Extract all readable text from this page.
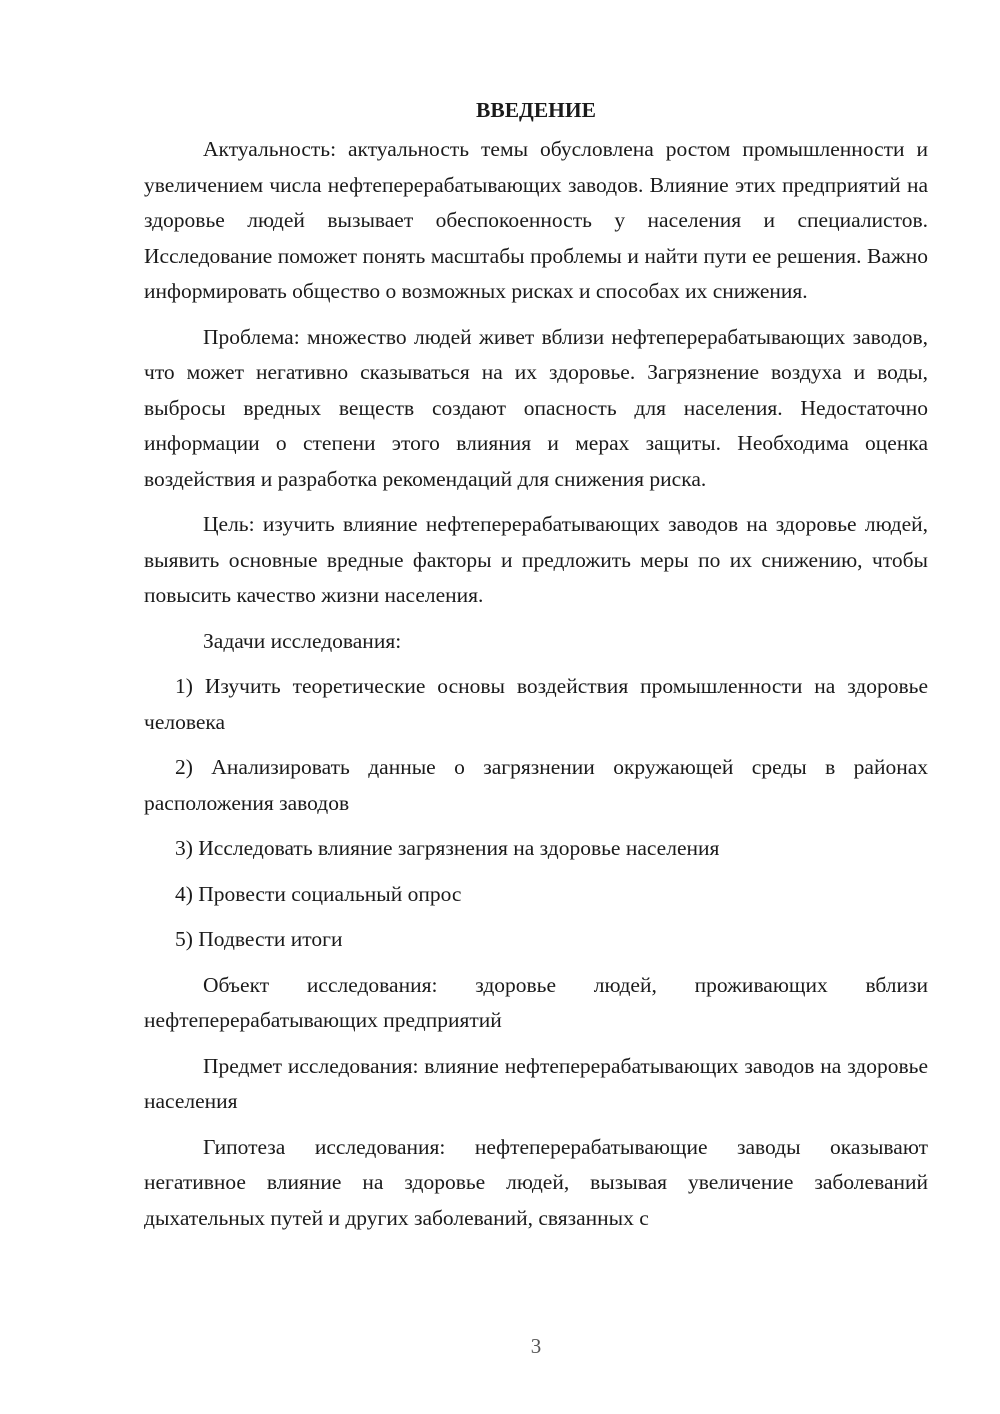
ВВЕДЕНИЕ

Актуальность: актуальность темы обусловлена ростом промышленности и увеличением числа нефтеперерабатывающих заводов. Влияние этих предприятий на здоровье людей вызывает обеспокоенность у населения и специалистов. Исследование поможет понять масштабы проблемы и найти пути ее решения. Важно информировать общество о возможных рисках и способах их снижения.

Проблема: множество людей живет вблизи нефтеперерабатывающих заводов, что может негативно сказываться на их здоровье. Загрязнение воздуха и воды, выбросы вредных веществ создают опасность для населения. Недостаточно информации о степени этого влияния и мерах защиты. Необходима оценка воздействия и разработка рекомендаций для снижения риска.

Цель: изучить влияние нефтеперерабатывающих заводов на здоровье людей, выявить основные вредные факторы и предложить меры по их снижению, чтобы повысить качество жизни населения.

Задачи исследования:

1) Изучить теоретические основы воздействия промышленности на здоровье человека

2) Анализировать данные о загрязнении окружающей среды в районах расположения заводов

3) Исследовать влияние загрязнения на здоровье населения

4) Провести социальный опрос

5) Подвести итоги

Объект исследования: здоровье людей, проживающих вблизи нефтеперерабатывающих предприятий

Предмет исследования: влияние нефтеперерабатывающих заводов на здоровье населения

Гипотеза исследования: нефтеперерабатывающие заводы оказывают негативное влияние на здоровье людей, вызывая увеличение заболеваний дыхательных путей и других заболеваний, связанных с

3
